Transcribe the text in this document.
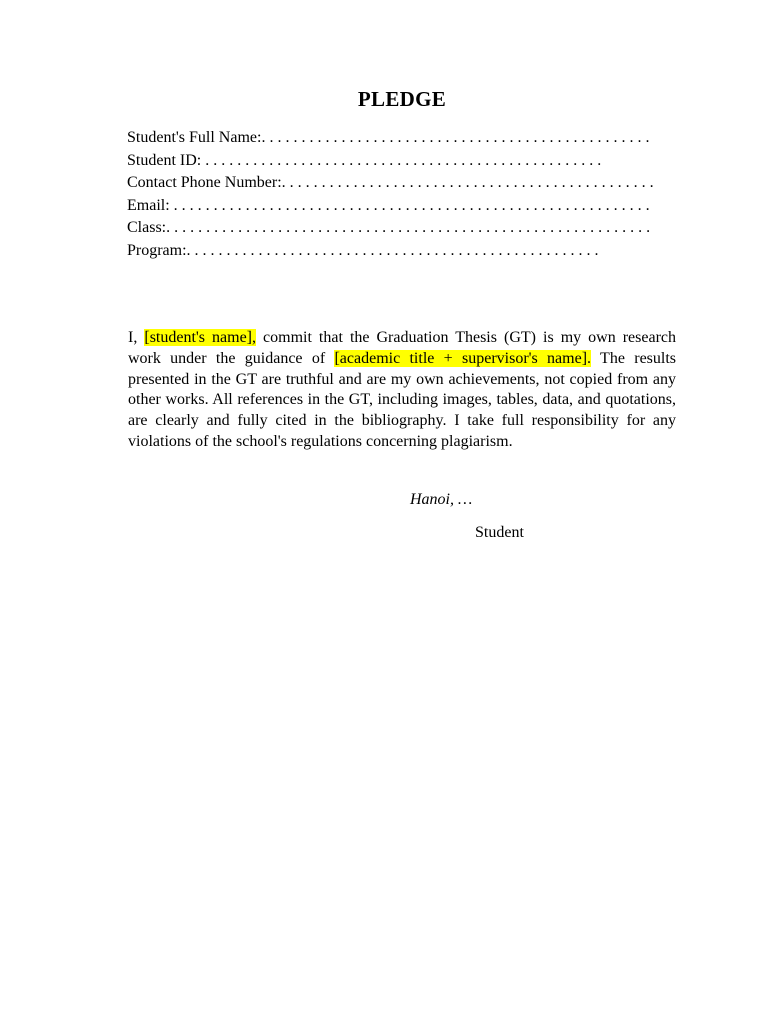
PLEDGE
Student's Full Name:. . . . . . . . . . . . . . . . . . . . . . . . . . . . . . . . . . . . . . . . . . . . . . . . .
Student ID: . . . . . . . . . . . . . . . . . . . . . . . . . . . . . . . . . . . . . . . . . . . . . . . . . .
Contact Phone Number:. . . . . . . . . . . . . . . . . . . . . . . . . . . . . . . . . . . . . . . . . . . . . . .
Email: . . . . . . . . . . . . . . . . . . . . . . . . . . . . . . . . . . . . . . . . . . . . . . . . . . . . . . . . . . . .
Class:. . . . . . . . . . . . . . . . . . . . . . . . . . . . . . . . . . . . . . . . . . . . . . . . . . . . . . . . . . . . .
Program:. . . . . . . . . . . . . . . . . . . . . . . . . . . . . . . . . . . . . . . . . . . . . . . . . . . .

I, [student's name], commit that the Graduation Thesis (GT) is my own research work under the guidance of [academic title + supervisor's name]. The results presented in the GT are truthful and are my own achievements, not copied from any other works. All references in the GT, including images, tables, data, and quotations, are clearly and fully cited in the bibliography. I take full responsibility for any violations of the school's regulations concerning plagiarism.

Hanoi, …
Student
